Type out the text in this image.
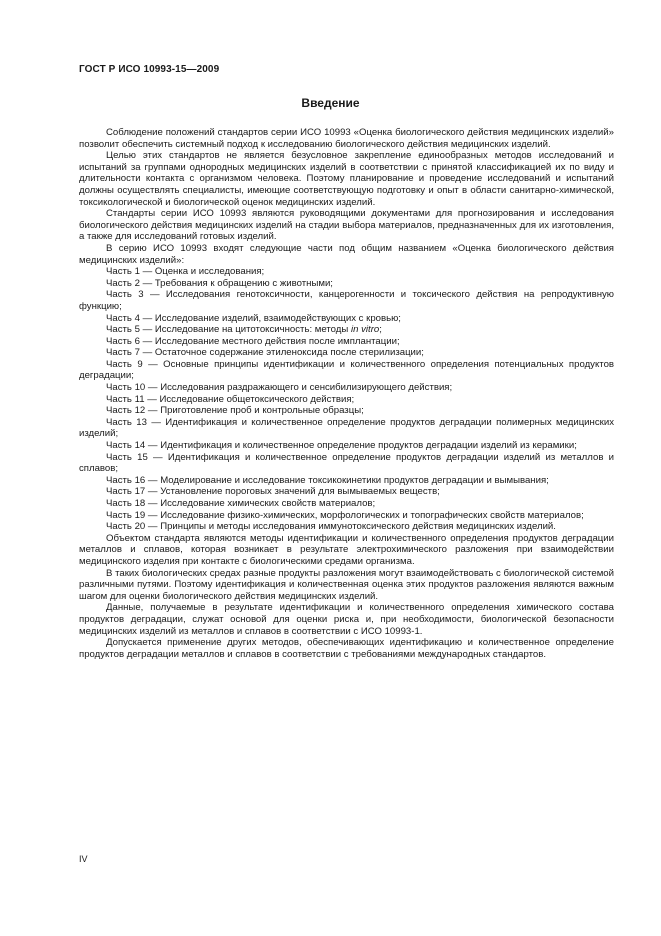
ГОСТ Р ИСО 10993-15—2009
Введение

Соблюдение положений стандартов серии ИСО 10993 «Оценка биологического действия медицинских изделий» позволит обеспечить системный подход к исследованию биологического действия медицинских изделий.

Целью этих стандартов не является безусловное закрепление единообразных методов исследований и испытаний за группами однородных медицинских изделий в соответствии с принятой классификацией их по виду и длительности контакта с организмом человека. Поэтому планирование и проведение исследований и испытаний должны осуществлять специалисты, имеющие соответствующую подготовку и опыт в области санитарно-химической, токсикологической и биологической оценок медицинских изделий.

Стандарты серии ИСО 10993 являются руководящими документами для прогнозирования и исследования биологического действия медицинских изделий на стадии выбора материалов, предназначенных для их изготовления, а также для исследований готовых изделий.

В серию ИСО 10993 входят следующие части под общим названием «Оценка биологического действия медицинских изделий»:

Часть 1 — Оценка и исследования;

Часть 2 — Требования к обращению с животными;

Часть 3 — Исследования генотоксичности, канцерогенности и токсического действия на репродуктивную функцию;

Часть 4 — Исследование изделий, взаимодействующих с кровью;

Часть 5 — Исследование на цитотоксичность: методы in vitro;

Часть 6 — Исследование местного действия после имплантации;

Часть 7 — Остаточное содержание этиленоксида после стерилизации;

Часть 9 — Основные принципы идентификации и количественного определения потенциальных продуктов деградации;

Часть 10 — Исследования раздражающего и сенсибилизирующего действия;

Часть 11 — Исследование общетоксического действия;

Часть 12 — Приготовление проб и контрольные образцы;

Часть 13 — Идентификация и количественное определение продуктов деградации полимерных медицинских изделий;

Часть 14 — Идентификация и количественное определение продуктов деградации изделий из керамики;

Часть 15 — Идентификация и количественное определение продуктов деградации изделий из металлов и сплавов;

Часть 16 — Моделирование и исследование токсикокинетики продуктов деградации и вымывания;

Часть 17 — Установление пороговых значений для вымываемых веществ;

Часть 18 — Исследование химических свойств материалов;

Часть 19 — Исследование физико-химических, морфологических и топографических свойств материалов;

Часть 20 — Принципы и методы исследования иммунотоксического действия медицинских изделий.

Объектом стандарта являются методы идентификации и количественного определения продуктов деградации металлов и сплавов, которая возникает в результате электрохимического разложения при взаимодействии медицинского изделия при контакте с биологическими средами организма.

В таких биологических средах разные продукты разложения могут взаимодействовать с биологической системой различными путями. Поэтому идентификация и количественная оценка этих продуктов разложения являются важным шагом для оценки биологического действия медицинских изделий.

Данные, получаемые в результате идентификации и количественного определения химического состава продуктов деградации, служат основой для оценки риска и, при необходимости, биологической безопасности медицинских изделий из металлов и сплавов в соответствии с ИСО 10993-1.

Допускается применение других методов, обеспечивающих идентификацию и количественное определение продуктов деградации металлов и сплавов в соответствии с требованиями международных стандартов.

IV
